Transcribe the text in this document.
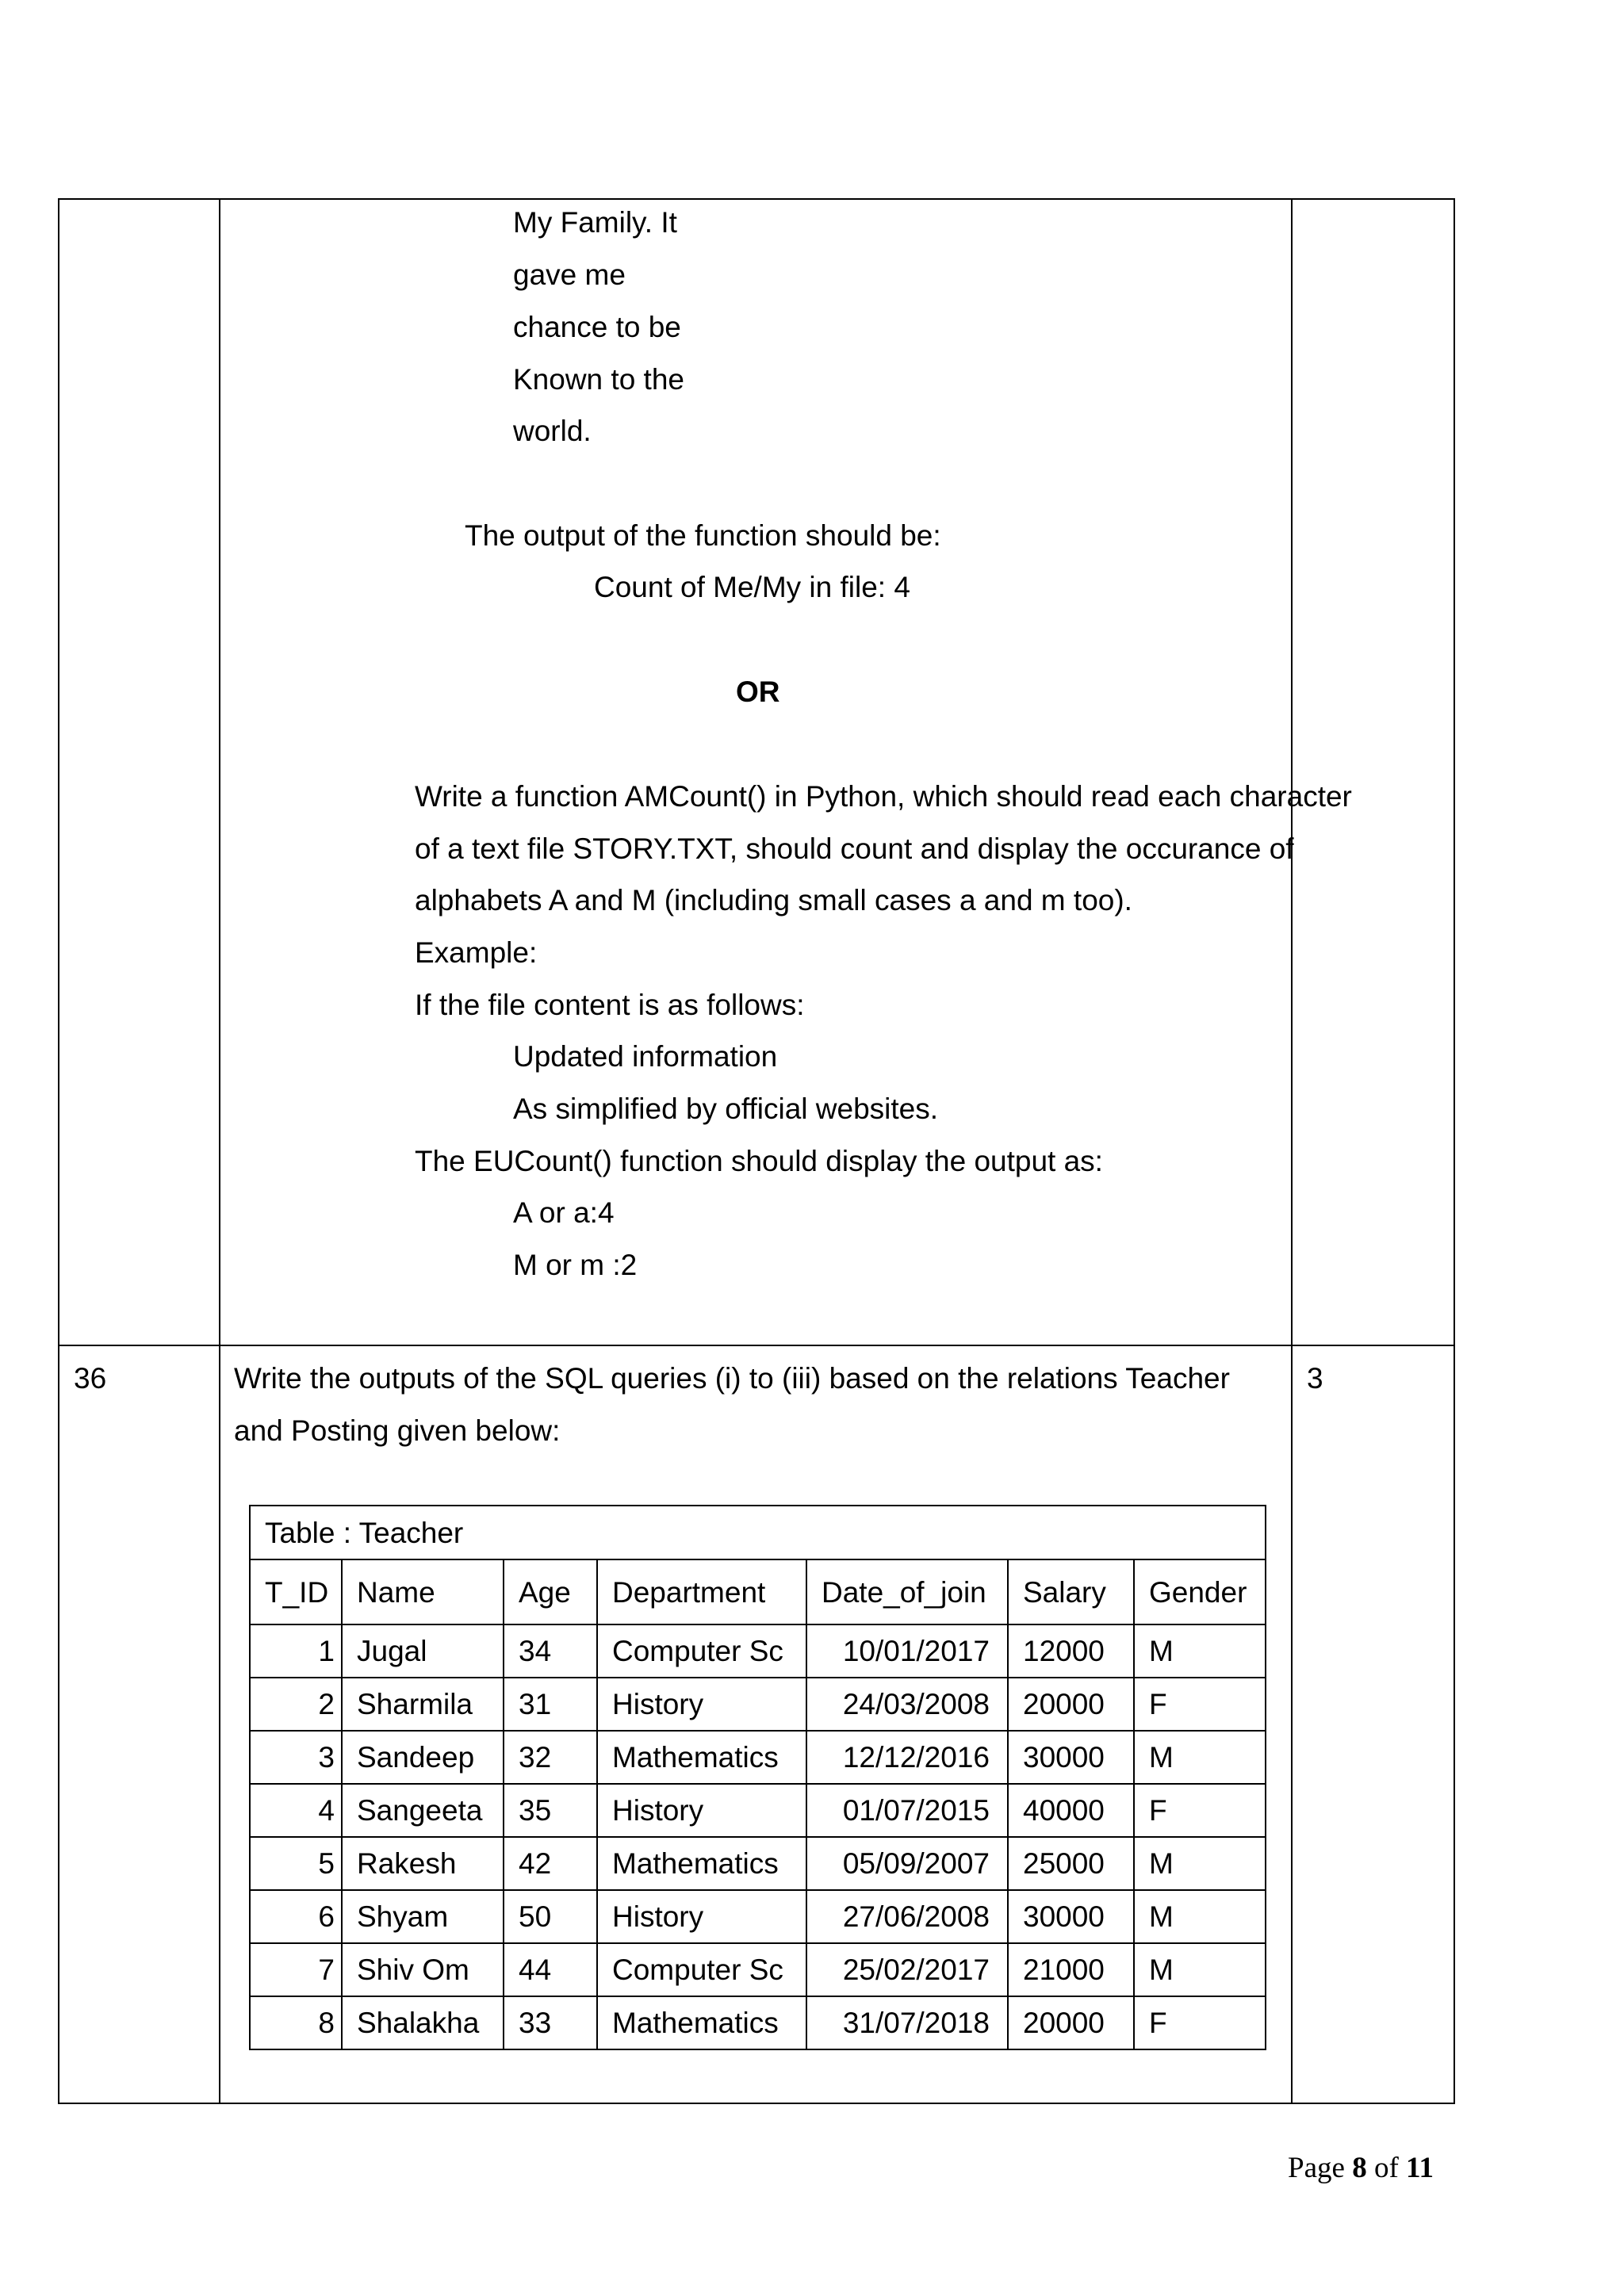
My Family. It
gave me
chance to be
Known to the
world.
The output of the function should be:
Count of Me/My in file: 4
OR
Write a function AMCount() in Python, which should read each character
of a text file STORY.TXT, should count and display the occurance of
alphabets A and M (including small cases a and m too).
Example:
If the file content is as follows:
Updated information
As simplified by official websites.
The EUCount() function should display the output as:
A or a:4
M or m :2

36	Write the outputs of the SQL queries (i) to (iii) based on the relations Teacher
and Posting given below:
Table : Teacher
T_ID	Name	Age	Department	Date_of_join	Salary	Gender
1	Jugal	34	Computer Sc	10/01/2017	12000	M
2	Sharmila	31	History	24/03/2008	20000	F
3	Sandeep	32	Mathematics	12/12/2016	30000	M
4	Sangeeta	35	History	01/07/2015	40000	F
5	Rakesh	42	Mathematics	05/09/2007	25000	M
6	Shyam	50	History	27/06/2008	30000	M
7	Shiv Om	44	Computer Sc	25/02/2017	21000	M
8	Shalakha	33	Mathematics	31/07/2018	20000	F

3
Page 8 of 11
